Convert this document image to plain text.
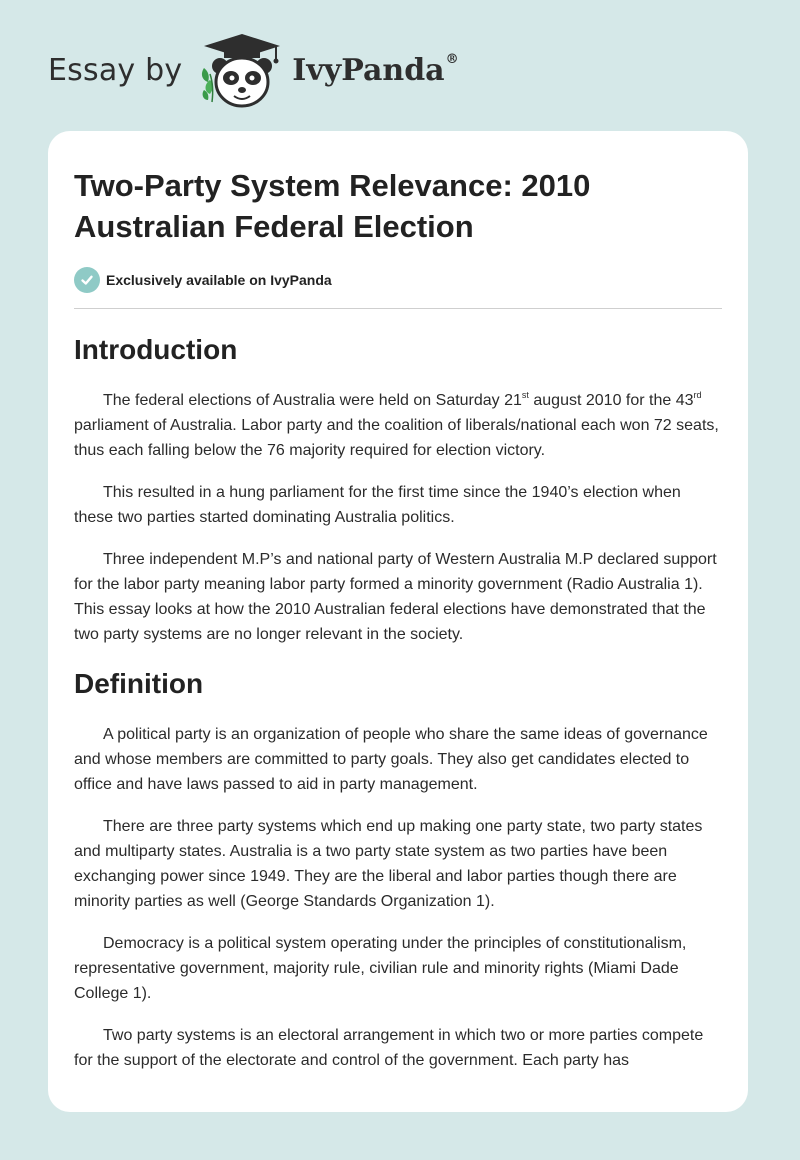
Essay by	IvyPanda®
Two-Party System Relevance: 2010 Australian Federal Election
Exclusively available on IvyPanda
Introduction

The federal elections of Australia were held on Saturday 21st august 2010 for the 43rd parliament of Australia. Labor party and the coalition of liberals/national each won 72 seats, thus each falling below the 76 majority required for election victory.

This resulted in a hung parliament for the first time since the 1940’s election when these two parties started dominating Australia politics.

Three independent M.P’s and national party of Western Australia M.P declared support for the labor party meaning labor party formed a minority government (Radio Australia 1). This essay looks at how the 2010 Australian federal elections have demonstrated that the two party systems are no longer relevant in the society.

Definition

A political party is an organization of people who share the same ideas of governance and whose members are committed to party goals. They also get candidates elected to office and have laws passed to aid in party management.

There are three party systems which end up making one party state, two party states and multiparty states. Australia is a two party state system as two parties have been exchanging power since 1949. They are the liberal and labor parties though there are minority parties as well (George Standards Organization 1).

Democracy is a political system operating under the principles of constitutionalism, representative government, majority rule, civilian rule and minority rights (Miami Dade College 1).

Two party systems is an electoral arrangement in which two or more parties compete for the support of the electorate and control of the government. Each party has
